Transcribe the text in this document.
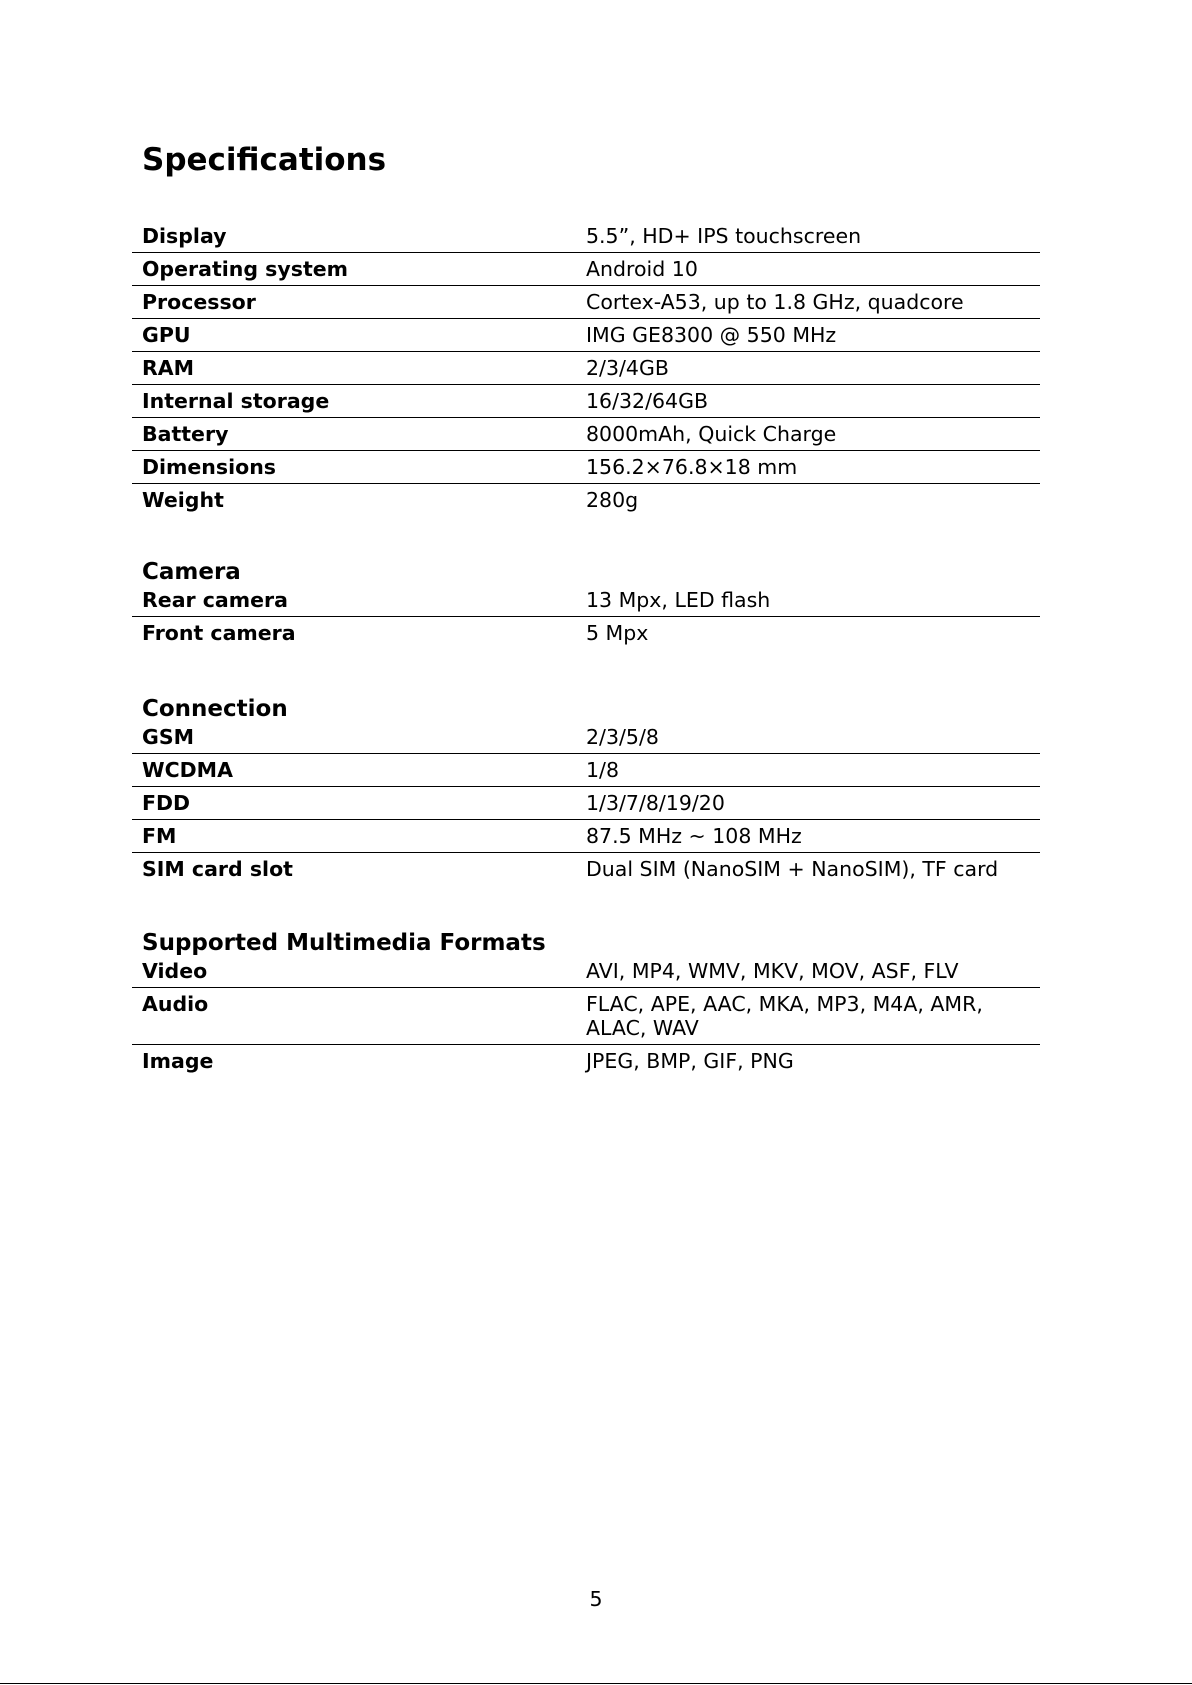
Specifications
Display	5.5”, HD+ IPS touchscreen
Operating system	Android 10
Processor	Cortex-A53, up to 1.8 GHz, quadcore
GPU	IMG GE8300 @ 550 MHz
RAM	2/3/4GB
Internal storage	16/32/64GB
Battery	8000mAh, Quick Charge
Dimensions	156.2×76.8×18 mm
Weight	280g
Camera
Rear camera	13 Mpx, LED flash
Front camera	5 Mpx
Connection
GSM	2/3/5/8
WCDMA	1/8
FDD	1/3/7/8/19/20
FM	87.5 MHz ~ 108 MHz
SIM card slot	Dual SIM (NanoSIM + NanoSIM), TF card
Supported Multimedia Formats
Video	AVI, MP4, WMV, MKV, MOV, ASF, FLV
Audio	FLAC, APE, AAC, MKA, MP3, M4A, AMR, ALAC, WAV
Image	JPEG, BMP, GIF, PNG
5
